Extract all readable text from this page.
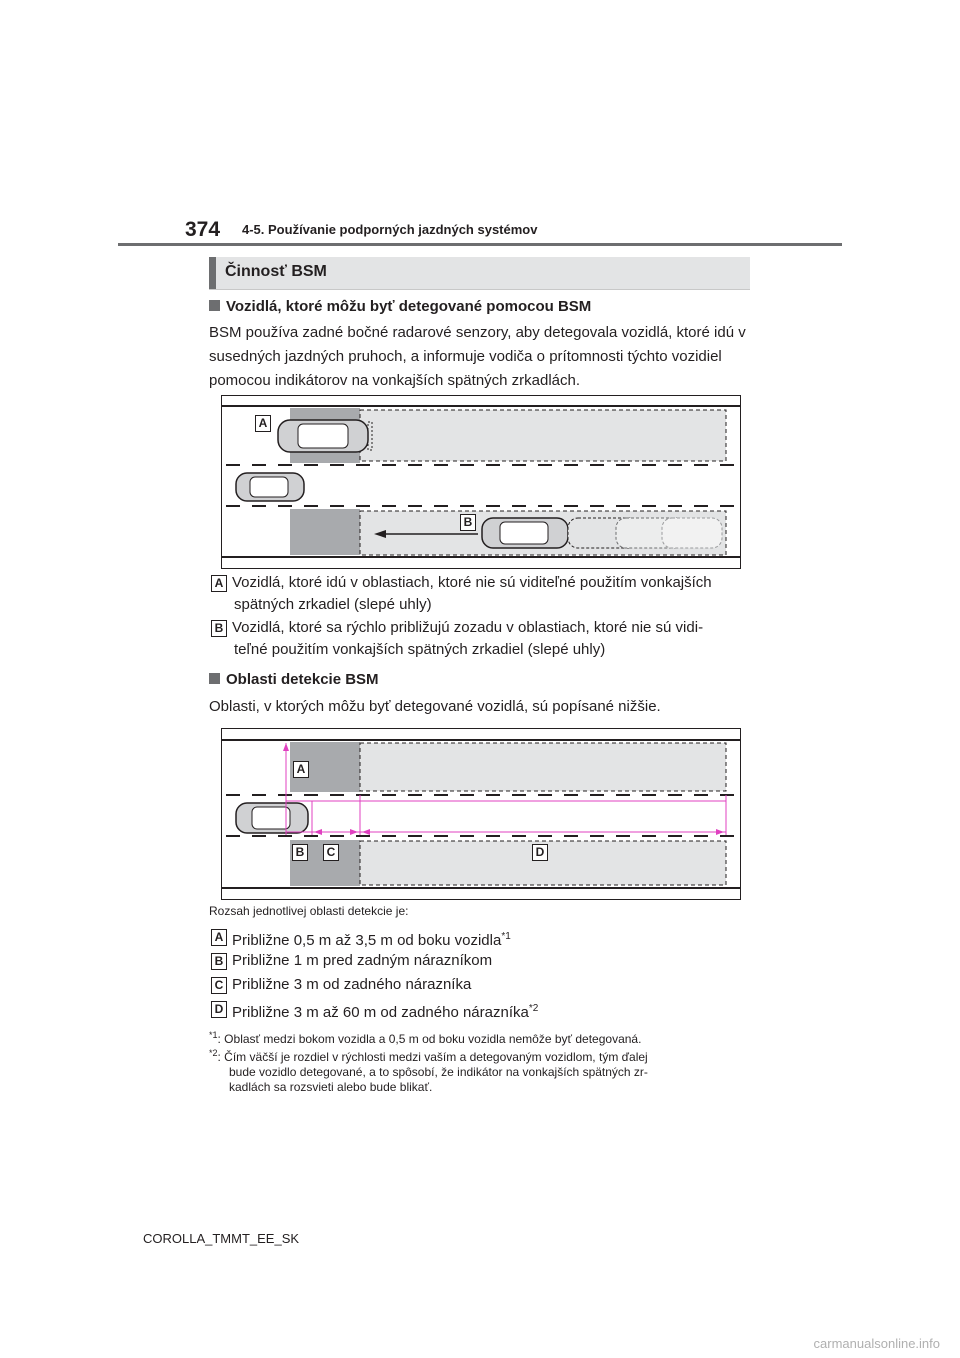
374 4-5. Používanie podporných jazdných systémov
Činnosť BSM
Vozidlá, ktoré môžu byť detegované pomocou BSM
BSM používa zadné bočné radarové senzory, aby detegovala vozidlá, ktoré idú v susedných jazdných pruhoch, a informuje vodiča o prítomnosti týchto vozidiel pomocou indikátorov na vonkajších spätných zrkadlách.
A
B
A Vozidlá, ktoré idú v oblastiach, ktoré nie sú viditeľné použitím vonkajších
spätných zrkadiel (slepé uhly)
B Vozidlá, ktoré sa rýchlo približujú zozadu v oblastiach, ktoré nie sú vidi-
teľné použitím vonkajších spätných zrkadiel (slepé uhly)
Oblasti detekcie BSM
Oblasti, v ktorých môžu byť detegované vozidlá, sú popísané nižšie.
A
B	C	D
Rozsah jednotlivej oblasti detekcie je:
A Približne 0,5 m až 3,5 m od boku vozidla$^{*1}$
B Približne 1 m pred zadným nárazníkom
C Približne 3 m od zadného nárazníka
D Približne 3 m až 60 m od zadného nárazníka$^{*2}$
$^{*1}$: Oblasť medzi bokom vozidla a 0,5 m od boku vozidla nemôže byť detegovaná.
$^{*2}$: Čím väčší je rozdiel v rýchlosti medzi vaším a detegovaným vozidlom, tým ďalej
bude vozidlo detegované, a to spôsobí, že indikátor na vonkajších spätných zr-
kadlách sa rozsvieti alebo bude blikať.
COROLLA_TMMT_EE_SK
carmanualsonline.info
